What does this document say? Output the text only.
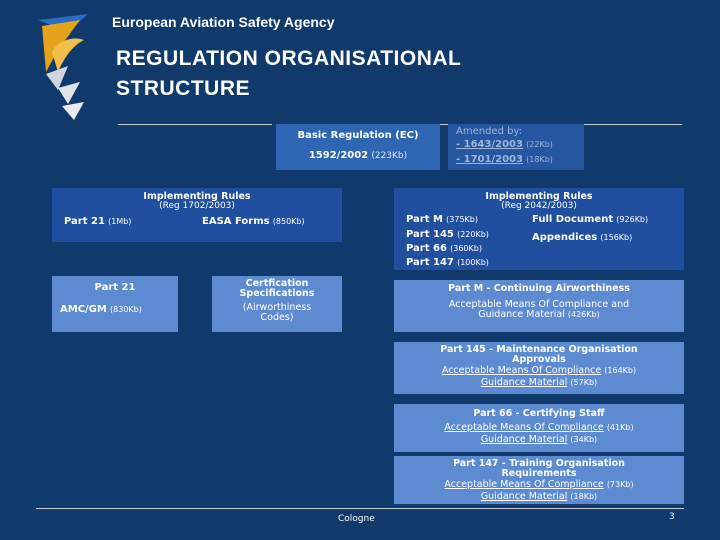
European Aviation Safety Agency
REGULATION ORGANISATIONAL
STRUCTURE
Basic Regulation (EC)
1592/2002 (223Kb)
Amended by:
- 1643/2003 (22Kb)
- 1701/2003 (18Kb)
Implementing Rules
(Reg 1702/2003)
Part 21 (1Mb)	EASA Forms (850Kb)
Implementing Rules
(Reg 2042/2003)
Part M (375Kb)
Part 145 (220Kb)
Part 66 (360Kb)
Part 147 (100Kb)
Full Document (926Kb)
Appendices (156Kb)
Part 21
AMC/GM (830Kb)
Certfication
Specifications
(Airworthiness
Codes)
Part M - Continuing Airworthiness
Acceptable Means Of Compliance and
Guidance Material (426Kb)
Part 145 - Maintenance Organisation
Approvals
Acceptable Means Of Compliance (164Kb)
Guidance Material (57Kb)
Part 66 - Certifying Staff
Acceptable Means Of Compliance (41Kb)
Guidance Material (34Kb)
Part 147 - Training Organisation
Requirements
Acceptable Means Of Compliance (73Kb)
Guidance Material (18Kb)
Cologne	3
